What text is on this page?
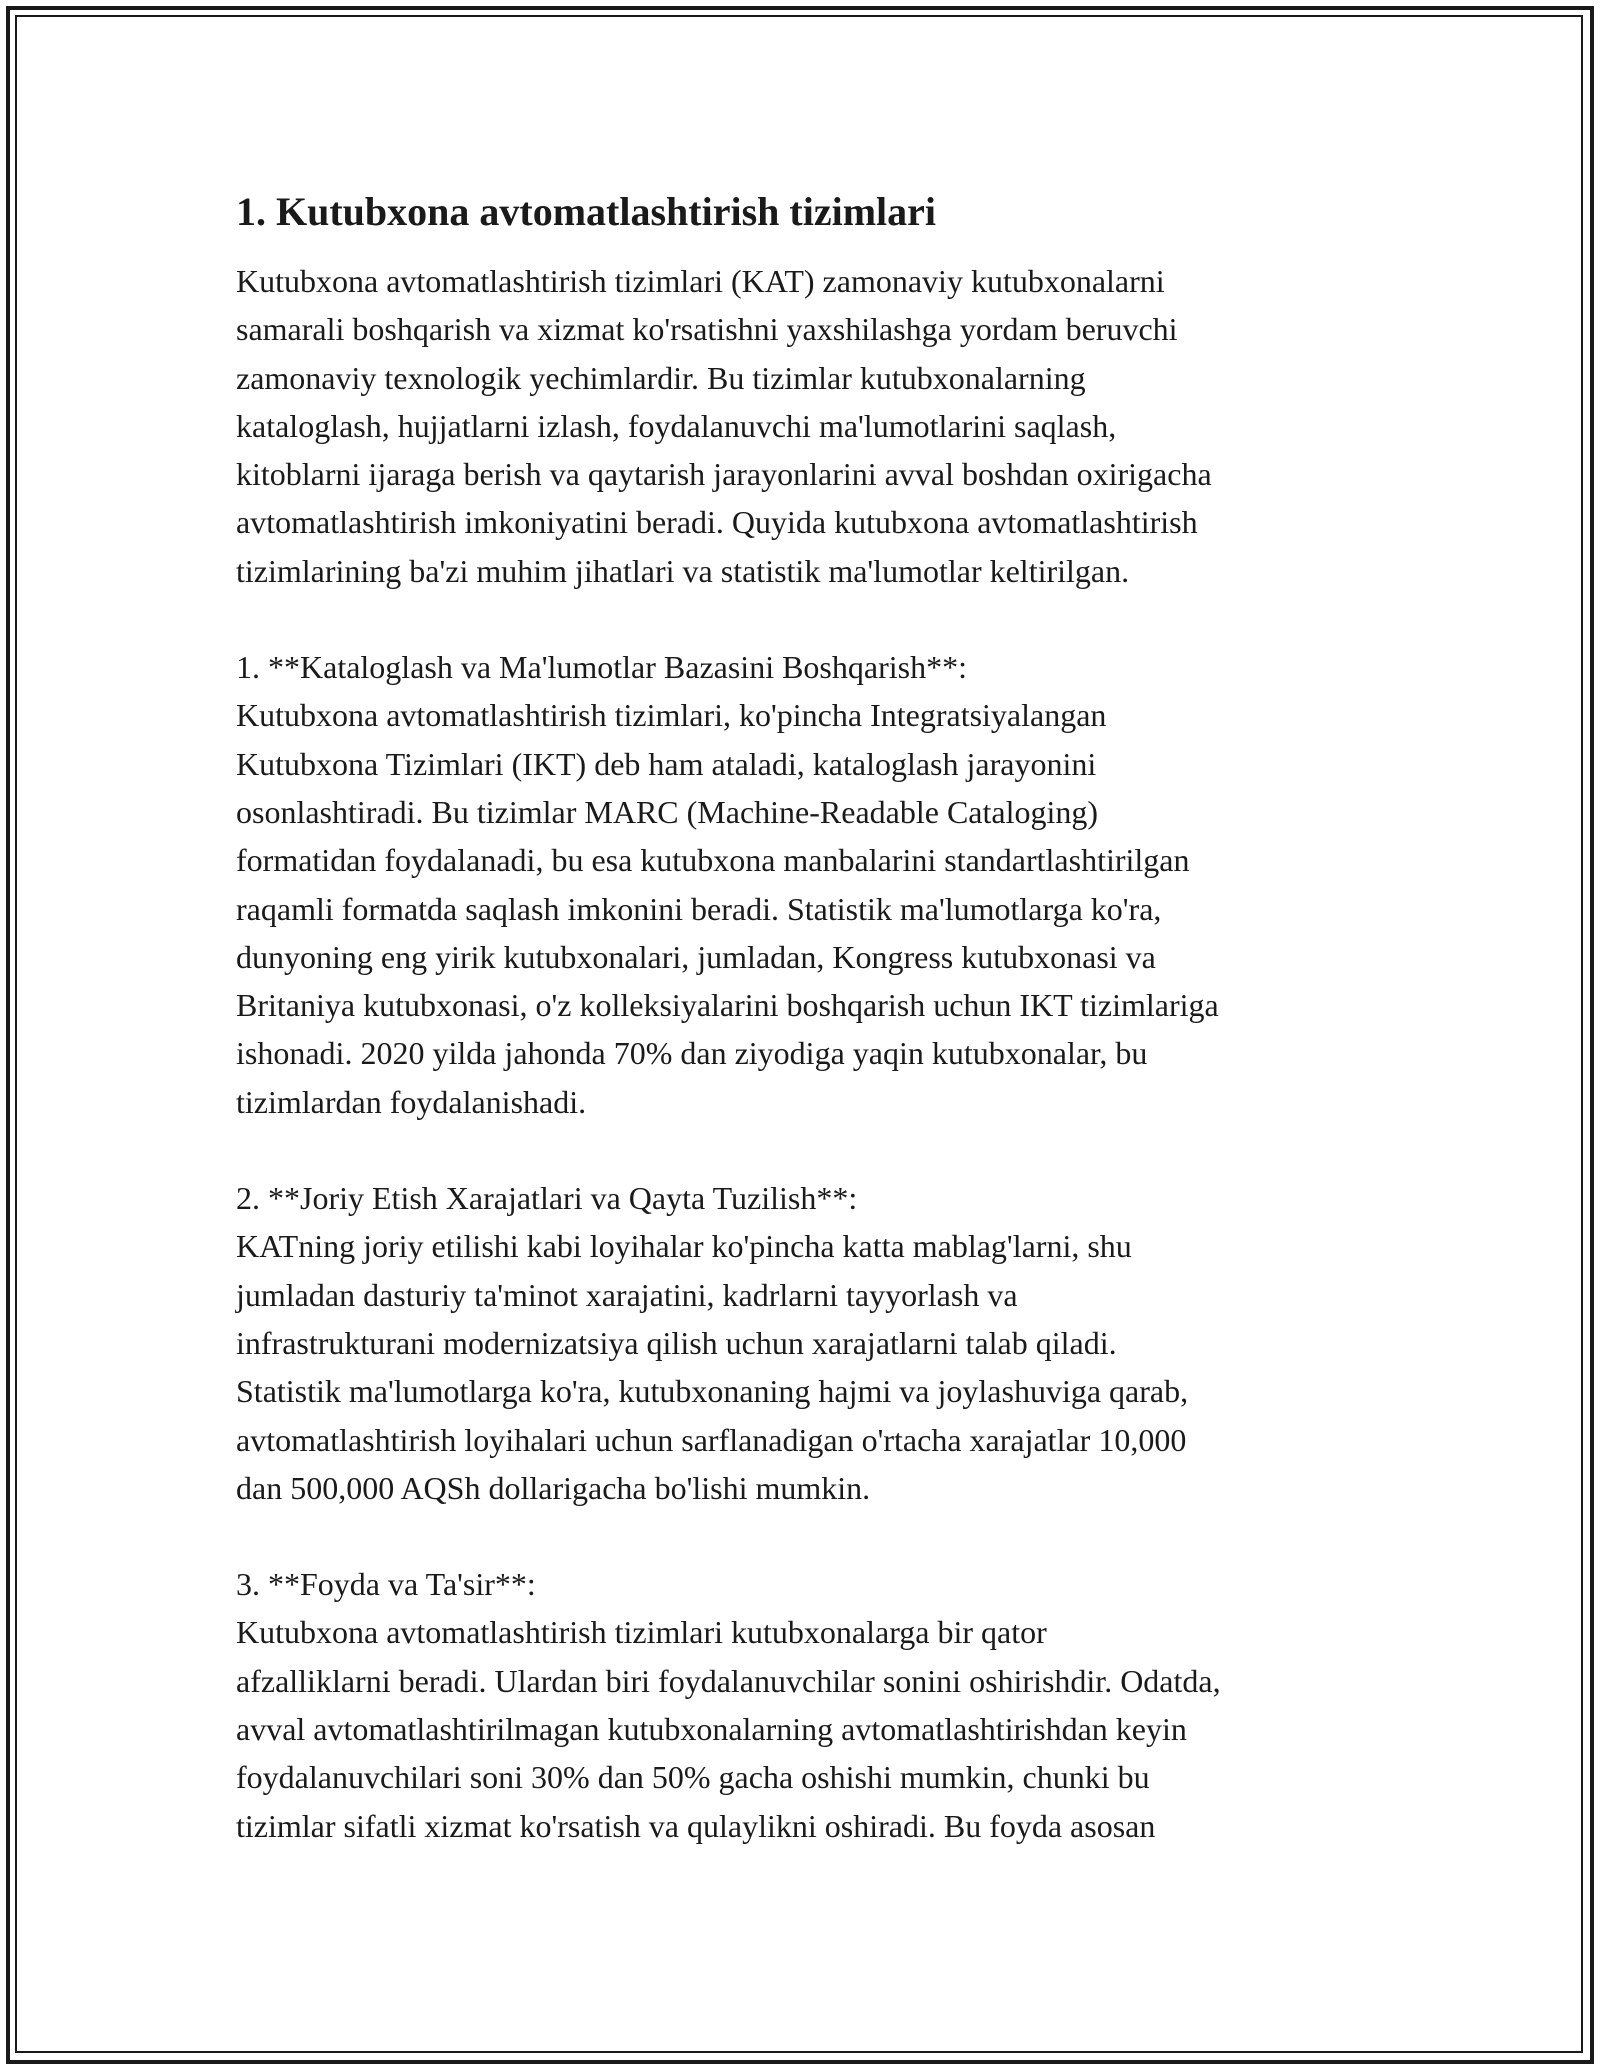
1. Kutubxona avtomatlashtirish tizimlari

Kutubxona avtomatlashtirish tizimlari (KAT) zamonaviy kutubxonalarni
samarali boshqarish va xizmat ko'rsatishni yaxshilashga yordam beruvchi
zamonaviy texnologik yechimlardir. Bu tizimlar kutubxonalarning
kataloglash, hujjatlarni izlash, foydalanuvchi ma'lumotlarini saqlash,
kitoblarni ijaraga berish va qaytarish jarayonlarini avval boshdan oxirigacha
avtomatlashtirish imkoniyatini beradi. Quyida kutubxona avtomatlashtirish
tizimlarining ba'zi muhim jihatlari va statistik ma'lumotlar keltirilgan.

1. **Kataloglash va Ma'lumotlar Bazasini Boshqarish**:

Kutubxona avtomatlashtirish tizimlari, ko'pincha Integratsiyalangan
Kutubxona Tizimlari (IKT) deb ham ataladi, kataloglash jarayonini
osonlashtiradi. Bu tizimlar MARC (Machine-Readable Cataloging)
formatidan foydalanadi, bu esa kutubxona manbalarini standartlashtirilgan
raqamli formatda saqlash imkonini beradi. Statistik ma'lumotlarga ko'ra,
dunyoning eng yirik kutubxonalari, jumladan, Kongress kutubxonasi va
Britaniya kutubxonasi, o'z kolleksiyalarini boshqarish uchun IKT tizimlariga
ishonadi. 2020 yilda jahonda 70% dan ziyodiga yaqin kutubxonalar, bu
tizimlardan foydalanishadi.

2. **Joriy Etish Xarajatlari va Qayta Tuzilish**:

KATning joriy etilishi kabi loyihalar ko'pincha katta mablag'larni, shu
jumladan dasturiy ta'minot xarajatini, kadrlarni tayyorlash va
infrastrukturani modernizatsiya qilish uchun xarajatlarni talab qiladi.
Statistik ma'lumotlarga ko'ra, kutubxonaning hajmi va joylashuviga qarab,
avtomatlashtirish loyihalari uchun sarflanadigan o'rtacha xarajatlar 10,000
dan 500,000 AQSh dollarigacha bo'lishi mumkin.

3. **Foyda va Ta'sir**:

Kutubxona avtomatlashtirish tizimlari kutubxonalarga bir qator
afzalliklarni beradi. Ulardan biri foydalanuvchilar sonini oshirishdir. Odatda,
avval avtomatlashtirilmagan kutubxonalarning avtomatlashtirishdan keyin
foydalanuvchilari soni 30% dan 50% gacha oshishi mumkin, chunki bu
tizimlar sifatli xizmat ko'rsatish va qulaylikni oshiradi. Bu foyda asosan
